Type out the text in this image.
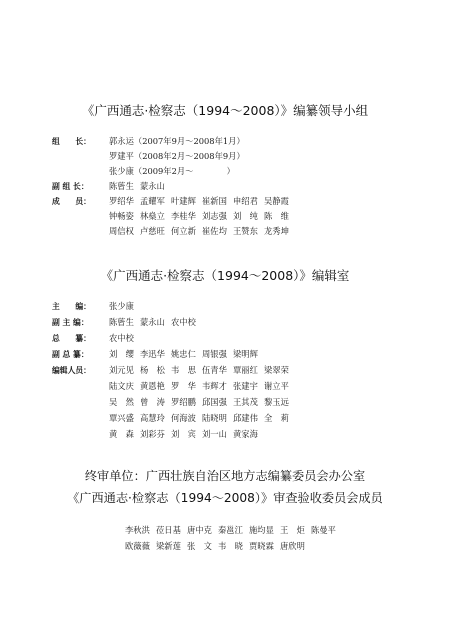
《广西通志·检察志（1994～2008）》编纂领导小组
组　　长：	郭永运（2007年9月～2008年1月）
罗建平（2008年2月～2008年9月）
张少康（2009年2月～　　　　）
副 组 长：	陈蒈生 蒙永山
成　　员：	罗绍华 孟耀军 叶建辉 崔新国 申绍君 吴静霞
钟畅姿 林燊立 李桂华 刘志强 刘　纯 陈　维
周信权 卢慈旺 何立新 崔佐均 王赞东 龙秀坤
《广西通志·检察志（1994～2008）》编辑室
主　　编：	张少康
副 主 编：	陈蒈生 蒙永山 农中校
总　　纂：	农中校
副 总 纂：	刘　缨 李迅华 姚忠仁 周银强 梁明辉
编辑人员：	刘元见 杨　松 韦　思 伍青华 覃丽红 梁翠荣
陆文庆 黄恩艳 罗　华 韦辉才 张建宇 谢立平
吴　然 曾　涛 罗绍鹏 邱国强 王其茂 黎玉远
覃兴盛 高慧玲 何海波 陆晓明 邱建伟 全　莉
黄　森 刘彩芬 刘　宾 刘一山 黄家海
终审单位：广西壮族自治区地方志编纂委员会办公室
《广西通志·检察志（1994～2008）》审查验收委员会成员
李秋洪 莅日基 唐中克 秦邕江 施均显 王　炬 陈曼平
欧薇薇 梁新莲 张　文 韦　晓 贾晓霖 唐欣明
